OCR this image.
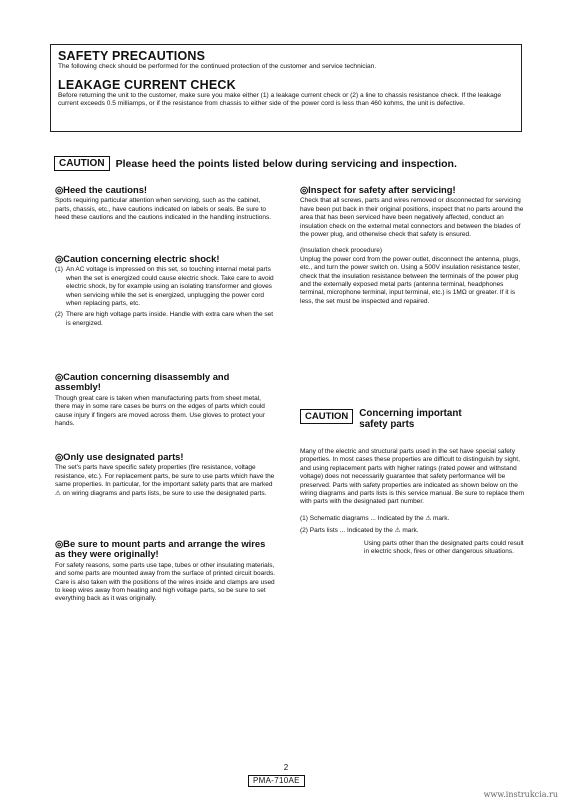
SAFETY PRECAUTIONS

The following check should be performed for the continued protection of the customer and service technician.

LEAKAGE CURRENT CHECK

Before returning the unit to the customer, make sure you make either (1) a leakage current check or (2) a line to chassis resistance check. If the leakage current exceeds 0.5 milliamps, or if the resistance from chassis to either side of the power cord is less than 460 kohms, the unit is defective.

CAUTION Please heed the points listed below during servicing and inspection.
◎Heed the cautions!

Spots requiring particular attention when servicing, such as the cabinet, parts, chassis, etc., have cautions indicated on labels or seals. Be sure to heed these cautions and the cautions indicated in the handling instructions.

◎Caution concerning electric shock!
(1) An AC voltage is impressed on this set, so touching internal metal parts when the set is energized could cause electric shock. Take care to avoid electric shock, by for example using an isolating transformer and gloves when servicing while the set is energized, unplugging the power cord when replacing parts, etc.
(2) There are high voltage parts inside. Handle with extra care when the set is energized.
◎Caution concerning disassembly and assembly!

Though great care is taken when manufacturing parts from sheet metal, there may in some rare cases be burrs on the edges of parts which could cause injury if fingers are moved across them. Use gloves to protect your hands.

◎Only use designated parts!

The set's parts have specific safety properties (fire resistance, voltage resistance, etc.). For replacement parts, be sure to use parts which have the same properties. In particular, for the important safety parts that are marked ⚠ on wiring diagrams and parts lists, be sure to use the designated parts.

◎Be sure to mount parts and arrange the wires as they were originally!

For safety reasons, some parts use tape, tubes or other insulating materials, and some parts are mounted away from the surface of printed circuit boards. Care is also taken with the positions of the wires inside and clamps are used to keep wires away from heating and high voltage parts, so be sure to set everything back as it was originally.

◎Inspect for safety after servicing!

Check that all screws, parts and wires removed or disconnected for servicing have been put back in their original positions, inspect that no parts around the area that has been serviced have been negatively affected, conduct an insulation check on the external metal connectors and between the blades of the power plug, and otherwise check that safety is ensured.

(Insulation check procedure)

Unplug the power cord from the power outlet, disconnect the antenna, plugs, etc., and turn the power switch on. Using a 500V insulation resistance tester, check that the insulation resistance between the terminals of the power plug and the externally exposed metal parts (antenna terminal, headphones terminal, microphone terminal, input terminal, etc.) is 1MΩ or greater. If it is less, the set must be inspected and repaired.

CAUTION Concerning important safety parts

Many of the electric and structural parts used in the set have special safety properties. In most cases these properties are difficult to distinguish by sight, and using replacement parts with higher ratings (rated power and withstand voltage) does not necessarily guarantee that safety performance will be preserved. Parts with safety properties are indicated as shown below on the wiring diagrams and parts lists is this service manual. Be sure to replace them with parts with the designated part number.

(1) Schematic diagrams ... Indicated by the ⚠ mark.

(2) Parts lists ... Indicated by the ⚠ mark.

Using parts other than the designated parts could result in electric shock, fires or other dangerous situations.

2
PMA-710AE
www.instrukcia.ru
